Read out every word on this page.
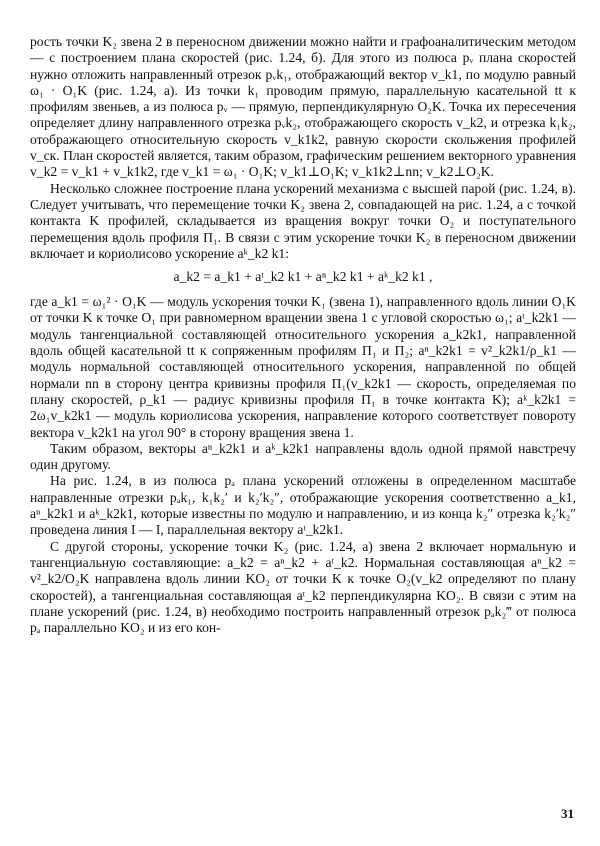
рость точки K₂ звена 2 в переносном движении можно найти и графоаналитическим методом — с построением плана скоростей (рис. 1.24, б). Для этого из полюса pᵥ плана скоростей нужно отложить направленный отрезок pᵥk₁, отображающий вектор v_k1, по модулю равный ω₁ · O₁K (рис. 1.24, а). Из точки k₁ проводим прямую, параллельную касательной tt к профилям звеньев, а из полюса pᵥ — прямую, перпендикулярную O₂K. Точка их пересечения определяет длину направленного отрезка pᵥk₂, отображающего скорость v_k2, и отрезка k₁k₂, отображающего относительную скорость v_k1k2, равную скорости скольжения профилей v_ск. План скоростей является, таким образом, графическим решением векторного уравнения v_k2 = v_k1 + v_k1k2, где v_k1 = ω₁ · O₁K; v_k1⊥O₁K; v_k1k2⊥nn; v_k2⊥O₂K.

Несколько сложнее построение плана ускорений механизма с высшей парой (рис. 1.24, в). Следует учитывать, что перемещение точки K₂ звена 2, совпадающей на рис. 1.24, а с точкой контакта K профилей, складывается из вращения вокруг точки O₂ и поступательного перемещения вдоль профиля П₁. В связи с этим ускорение точки K₂ в переносном движении включает и кориолисово ускорение aᵏ_k2 k1:

a_k2 = a_k1 + aᵗ_k2 k1 + aⁿ_k2 k1 + aᵏ_k2 k1 ,

где a_k1 = ω₁² · O₁K — модуль ускорения точки K₁ (звена 1), направленного вдоль линии O₁K от точки K к точке O₁ при равномерном вращении звена 1 с угловой скоростью ω₁; aᵗ_k2k1 — модуль тангенциальной составляющей относительного ускорения a_k2k1, направленной вдоль общей касательной tt к сопряженным профилям П₁ и П₂; aⁿ_k2k1 = v²_k2k1/ρ_k1 — модуль нормальной составляющей относительного ускорения, направленной по общей нормали nn в сторону центра кривизны профиля П₁(v_k2k1 — скорость, определяемая по плану скоростей, ρ_k1 — радиус кривизны профиля П₁ в точке контакта K); aᵏ_k2k1 = 2ω₁v_k2k1 — модуль кориолисова ускорения, направление которого соответствует повороту вектора v_k2k1 на угол 90° в сторону вращения звена 1.

Таким образом, векторы aⁿ_k2k1 и aᵏ_k2k1 направлены вдоль одной прямой навстречу один другому.

На рис. 1.24, в из полюса pₐ плана ускорений отложены в определенном масштабе направленные отрезки pₐk₁, k₁k₂′ и k₂′k₂″, отображающие ускорения соответственно a_k1, aⁿ_k2k1 и aᵏ_k2k1, которые известны по модулю и направлению, и из конца k₂″ отрезка k₂′k₂″ проведена линия I — I, параллельная вектору aᵗ_k2k1.

С другой стороны, ускорение точки K₂ (рис. 1.24, а) звена 2 включает нормальную и тангенциальную составляющие: a_k2 = aⁿ_k2 + aᵗ_k2. Нормальная составляющая aⁿ_k2 = v²_k2/O₂K направлена вдоль линии KO₂ от точки K к точке O₂(v_k2 определяют по плану скоростей), а тангенциальная составляющая aᵗ_k2 перпендикулярна KO₂. В связи с этим на плане ускорений (рис. 1.24, в) необходимо построить направленный отрезок pₐk₂‴ от полюса pₐ параллельно KO₂ и из его кон-

31
